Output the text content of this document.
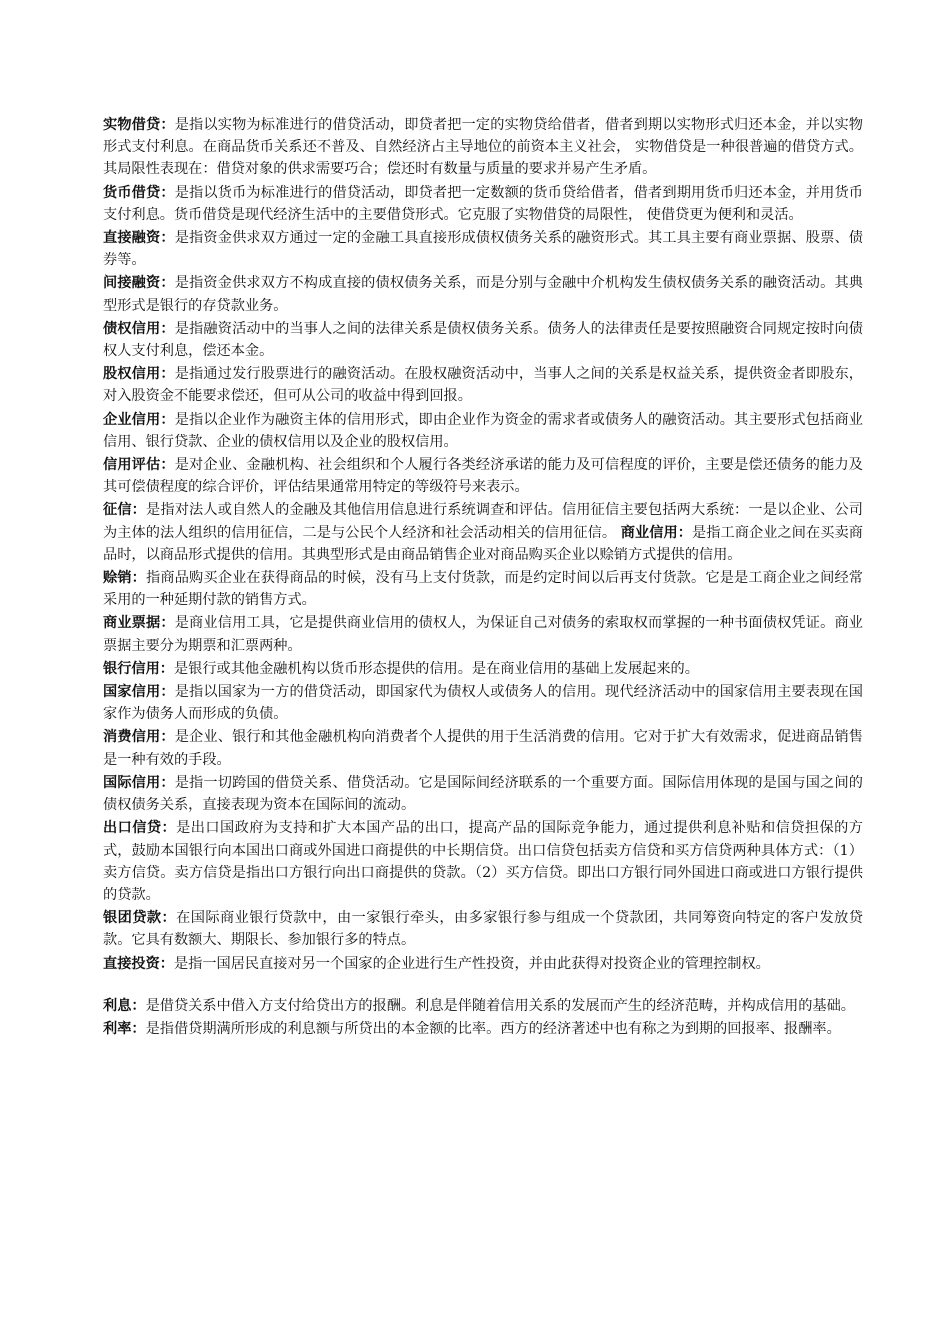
实物借贷：是指以实物为标准进行的借贷活动，即贷者把一定的实物贷给借者，借者到期以实物形式归还本金，并以实物形式支付利息。在商品货币关系还不普及、自然经济占主导地位的前资本主义社会， 实物借贷是一种很普遍的借贷方式。其局限性表现在：借贷对象的供求需要巧合；偿还时有数量与质量的要求并易产生矛盾。

货币借贷：是指以货币为标准进行的借贷活动，即贷者把一定数额的货币贷给借者，借者到期用货币归还本金，并用货币支付利息。货币借贷是现代经济生活中的主要借贷形式。它克服了实物借贷的局限性， 使借贷更为便利和灵活。

直接融资：是指资金供求双方通过一定的金融工具直接形成债权债务关系的融资形式。其工具主要有商业票据、股票、债券等。

间接融资：是指资金供求双方不构成直接的债权债务关系，而是分别与金融中介机构发生债权债务关系的融资活动。其典型形式是银行的存贷款业务。

债权信用：是指融资活动中的当事人之间的法律关系是债权债务关系。债务人的法律责任是要按照融资合同规定按时向债权人支付利息，偿还本金。

股权信用：是指通过发行股票进行的融资活动。在股权融资活动中，当事人之间的关系是权益关系，提供资金者即股东，对入股资金不能要求偿还，但可从公司的收益中得到回报。

企业信用：是指以企业作为融资主体的信用形式，即由企业作为资金的需求者或债务人的融资活动。其主要形式包括商业信用、银行贷款、企业的债权信用以及企业的股权信用。

信用评估：是对企业、金融机构、社会组织和个人履行各类经济承诺的能力及可信程度的评价，主要是偿还债务的能力及其可偿债程度的综合评价，评估结果通常用特定的等级符号来表示。

征信：是指对法人或自然人的金融及其他信用信息进行系统调查和评估。信用征信主要包括两大系统：一是以企业、公司为主体的法人组织的信用征信，二是与公民个人经济和社会活动相关的信用征信。 商业信用：是指工商企业之间在买卖商品时，以商品形式提供的信用。其典型形式是由商品销售企业对商品购买企业以赊销方式提供的信用。

赊销：指商品购买企业在获得商品的时候，没有马上支付货款，而是约定时间以后再支付货款。它是是工商企业之间经常采用的一种延期付款的销售方式。

商业票据：是商业信用工具，它是提供商业信用的债权人，为保证自己对债务的索取权而掌握的一种书面债权凭证。商业票据主要分为期票和汇票两种。

银行信用：是银行或其他金融机构以货币形态提供的信用。是在商业信用的基础上发展起来的。

国家信用：是指以国家为一方的借贷活动，即国家代为债权人或债务人的信用。现代经济活动中的国家信用主要表现在国家作为债务人而形成的负债。

消费信用：是企业、银行和其他金融机构向消费者个人提供的用于生活消费的信用。它对于扩大有效需求，促进商品销售是一种有效的手段。

国际信用：是指一切跨国的借贷关系、借贷活动。它是国际间经济联系的一个重要方面。国际信用体现的是国与国之间的债权债务关系，直接表现为资本在国际间的流动。

出口信贷：是出口国政府为支持和扩大本国产品的出口，提高产品的国际竞争能力，通过提供利息补贴和信贷担保的方式，鼓励本国银行向本国出口商或外国进口商提供的中长期信贷。出口信贷包括卖方信贷和买方信贷两种具体方式：（1）卖方信贷。卖方信贷是指出口方银行向出口商提供的贷款。（2）买方信贷。即出口方银行同外国进口商或进口方银行提供的贷款。

银团贷款：在国际商业银行贷款中，由一家银行牵头，由多家银行参与组成一个贷款团，共同筹资向特定的客户发放贷款。它具有数额大、期限长、参加银行多的特点。

直接投资：是指一国居民直接对另一个国家的企业进行生产性投资，并由此获得对投资企业的管理控制权。

利息：是借贷关系中借入方支付给贷出方的报酬。利息是伴随着信用关系的发展而产生的经济范畴，并构成信用的基础。

利率：是指借贷期满所形成的利息额与所贷出的本金额的比率。西方的经济著述中也有称之为到期的回报率、报酬率。
